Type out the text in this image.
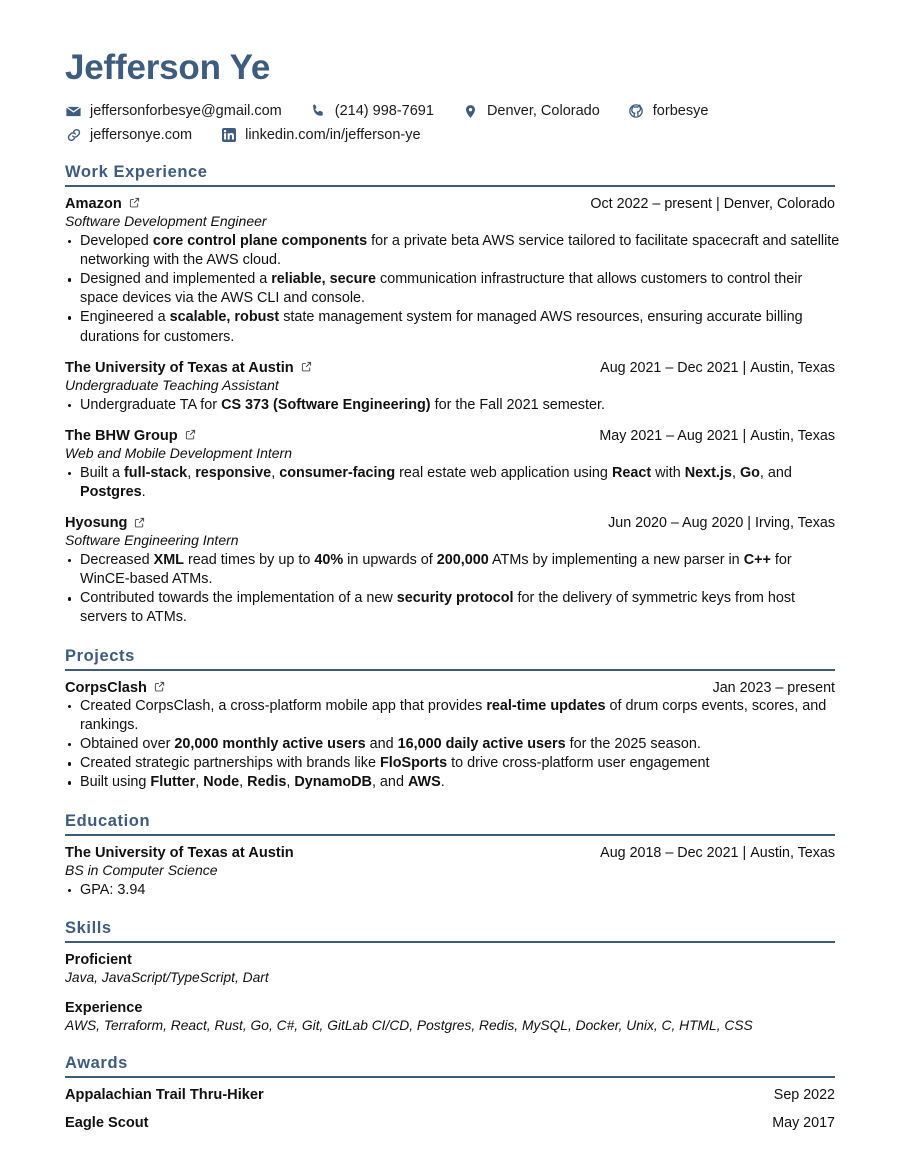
Jefferson Ye
jeffersonforbesye@gmail.com	(214) 998-7691	Denver, Colorado	forbesye
jeffersonye.com	linkedin.com/in/jefferson-ye
Work Experience
Amazon	Oct 2022 – present | Denver, Colorado
Software Development Engineer
Developed core control plane components for a private beta AWS service tailored to facilitate spacecraft and satellite networking with the AWS cloud.
Designed and implemented a reliable, secure communication infrastructure that allows customers to control their space devices via the AWS CLI and console.
Engineered a scalable, robust state management system for managed AWS resources, ensuring accurate billing durations for customers.
The University of Texas at Austin	Aug 2021 – Dec 2021 | Austin, Texas
Undergraduate Teaching Assistant
Undergraduate TA for CS 373 (Software Engineering) for the Fall 2021 semester.
The BHW Group	May 2021 – Aug 2021 | Austin, Texas
Web and Mobile Development Intern
Built a full-stack, responsive, consumer-facing real estate web application using React with Next.js, Go, and Postgres.
Hyosung	Jun 2020 – Aug 2020 | Irving, Texas
Software Engineering Intern
Decreased XML read times by up to 40% in upwards of 200,000 ATMs by implementing a new parser in C++ for WinCE-based ATMs.
Contributed towards the implementation of a new security protocol for the delivery of symmetric keys from host servers to ATMs.
Projects
CorpsClash	Jan 2023 – present
Created CorpsClash, a cross-platform mobile app that provides real-time updates of drum corps events, scores, and rankings.
Obtained over 20,000 monthly active users and 16,000 daily active users for the 2025 season.
Created strategic partnerships with brands like FloSports to drive cross-platform user engagement
Built using Flutter, Node, Redis, DynamoDB, and AWS.
Education
The University of Texas at Austin	Aug 2018 – Dec 2021 | Austin, Texas
BS in Computer Science
GPA: 3.94
Skills
Proficient
Java, JavaScript/TypeScript, Dart
Experience
AWS, Terraform, React, Rust, Go, C#, Git, GitLab CI/CD, Postgres, Redis, MySQL, Docker, Unix, C, HTML, CSS
Awards
Appalachian Trail Thru-Hiker	Sep 2022
Eagle Scout	May 2017
